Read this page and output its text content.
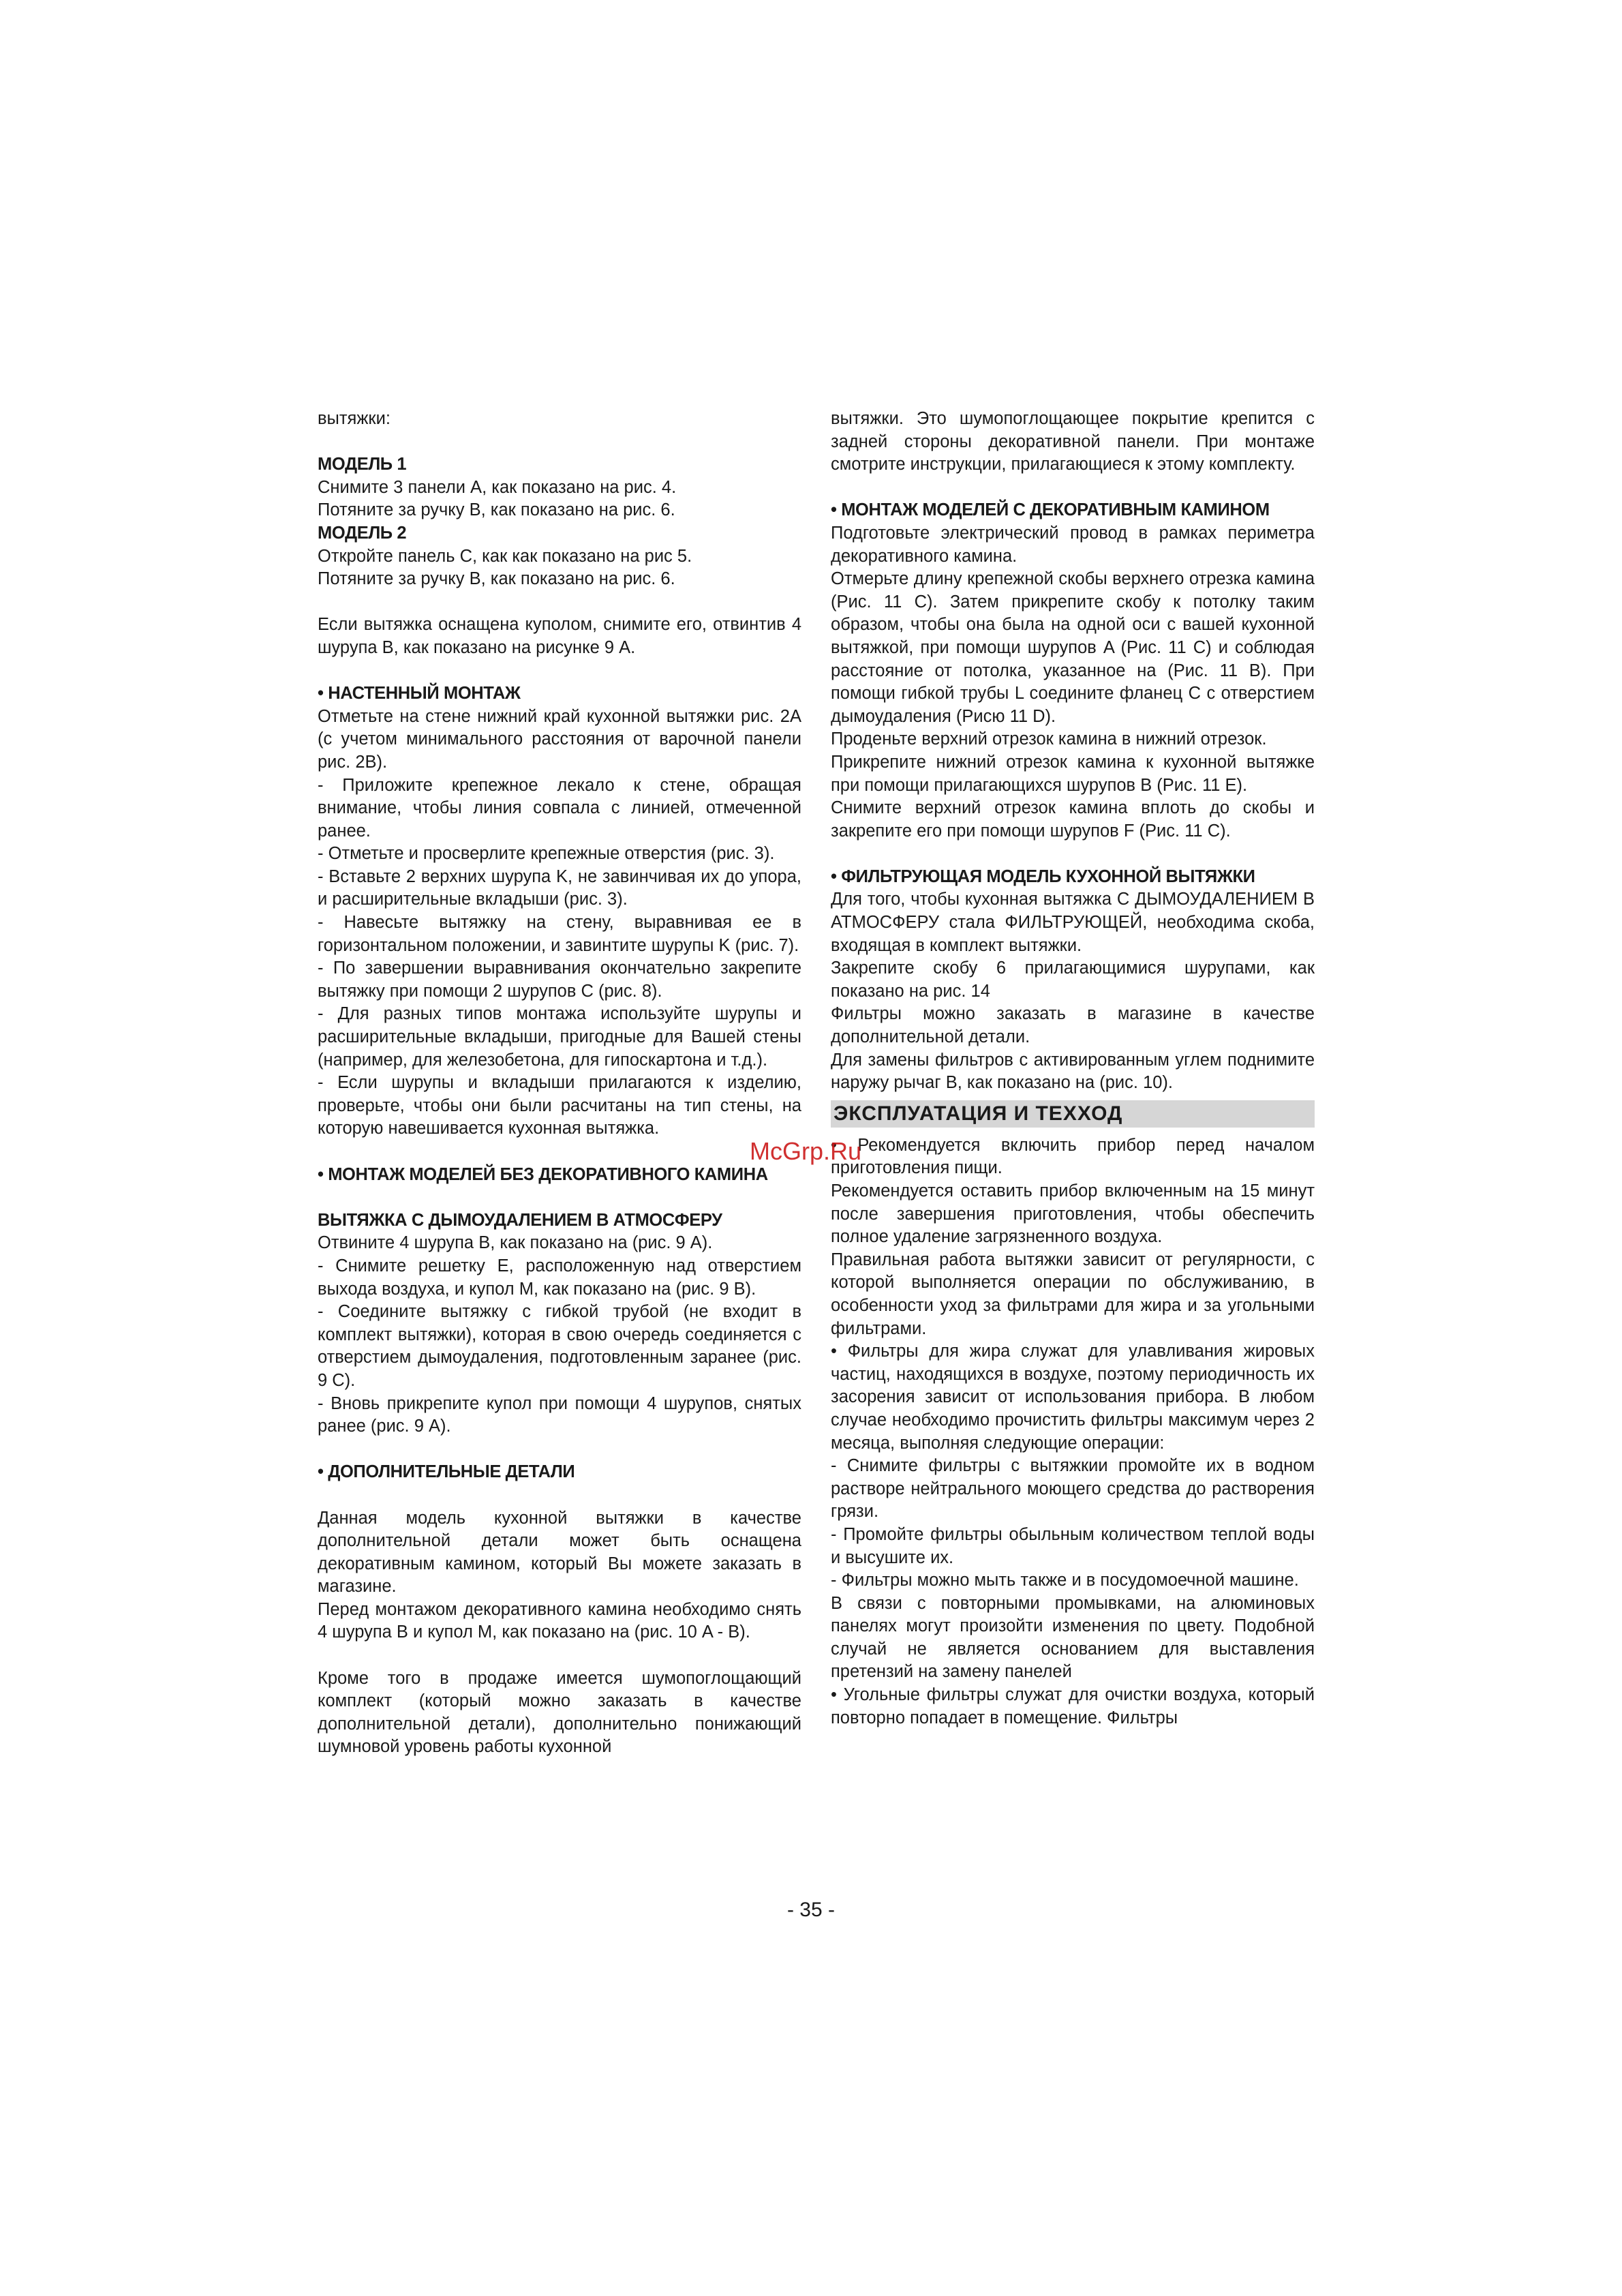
вытяжки:

МОДЕЛЬ 1

Снимите 3 панели A, как показано на рис. 4.

Потяните за ручку B, как показано на рис. 6.

МОДЕЛЬ 2

Откройте панель C, как как показано на рис 5.

Потяните за ручку B, как показано на рис. 6.

Если вытяжка оснащена куполом, снимите его, отвинтив 4 шурупа B, как показано на рисунке 9 A.

• НАСТЕННЫЙ МОНТАЖ

Отметьте на стене нижний край кухонной вытяжки рис. 2A (с учетом минимального расстояния от варочной панели рис. 2B).

- Приложите крепежное лекало к стене, обращая внимание, чтобы линия совпала с линией, отмеченной ранее.

- Отметьте и просверлите крепежные отверстия (рис. 3).

- Вставьте 2 верхних шурупа K, не завинчивая их до упора, и расширительные вкладыши (рис. 3).

- Навесьте вытяжку на стену, выравнивая ее в горизонтальном положении, и завинтите шурупы K (рис. 7).

- По завершении выравнивания окончательно закрепите вытяжку при помощи 2 шурупов C (рис. 8).

- Для разных типов монтажа используйте шурупы и расширительные вкладыши, пригодные для Вашей стены (например, для железобетона, для гипоскартона и т.д.).

- Если шурупы и вкладыши прилагаются к изделию, проверьте, чтобы они были расчитаны на тип стены, на которую навешивается кухонная вытяжка.

• МОНТАЖ МОДЕЛЕЙ БЕЗ ДЕКОРАТИВНОГО КАМИНА

ВЫТЯЖКА С ДЫМОУДАЛЕНИЕМ В АТМОСФЕРУ

Отвините 4 шурупа B, как показано на (рис. 9 A).

- Снимите решетку E, расположенную над отверстием выхода воздуха, и купол M, как показано на (рис. 9 B).

- Соедините вытяжку с гибкой трубой (не входит в комплект вытяжки), которая в свою очередь соединяется с отверстием дымоудаления, подготовленным заранее (рис. 9 C).

- Вновь прикрепите купол при помощи 4 шурупов, снятых ранее (рис. 9 A).

• ДОПОЛНИТЕЛЬНЫЕ ДЕТАЛИ

Данная модель кухонной вытяжки в качестве дополнительной детали может быть оснащена декоративным камином, который Вы можете заказать в магазине.

Перед монтажом декоративного камина необходимо снять 4 шурупа B и купол M, как показано на (рис. 10 A - B).

Кроме того в продаже имеется шумопоглощающий комплект (который можно заказать в качестве дополнительной детали), дополнительно понижающий шумновой уровень работы кухонной

вытяжки. Это шумопоглощающее покрытие крепится с задней стороны декоративной панели. При монтаже смотрите инструкции, прилагающиеся к этому комплекту.

• МОНТАЖ МОДЕЛЕЙ С ДЕКОРАТИВНЫМ КАМИНОМ

Подготовьте электрический провод в рамках периметра декоративного камина.

Отмерьте длину крепежной скобы верхнего отрезка камина (Рис. 11 C). Затем прикрепите скобу к потолку таким образом, чтобы она была на одной оси с вашей кухонной вытяжкой, при помощи шурупов A (Рис. 11 C) и соблюдая расстояние от потолка, указанное на (Рис. 11 B). При помощи гибкой трубы L соедините фланец C с отверстием дымоудаления (Рисю 11 D).

Проденьте верхний отрезок камина в нижний отрезок.

Прикрепите нижний отрезок камина к кухонной вытяжке при помощи прилагающихся шурупов B (Рис. 11 E).

Снимите верхний отрезок камина вплоть до скобы и закрепите его при помощи шурупов F (Рис. 11 C).

• ФИЛЬТРУЮЩАЯ МОДЕЛЬ КУХОННОЙ ВЫТЯЖКИ

Для того, чтобы кухонная вытяжка С ДЫМОУДАЛЕНИЕМ В АТМОСФЕРУ стала ФИЛЬТРУЮЩЕЙ, необходима скоба, входящая в комплект вытяжки.

Закрепите скобу 6 прилагающимися шурупами, как показано на рис. 14

Фильтры можно заказать в магазине в качестве дополнительной детали.

Для замены фильтров с активированным углем поднимите наружу рычаг B, как показано на (рис. 10).

ЭКСПЛУАТАЦИЯ И ТЕХХОД

• Рекомендуется включить прибор перед началом приготовления пищи.

Рекомендуется оставить прибор включенным на 15 минут после завершения приготовления, чтобы обеспечить полное удаление загрязненного воздуха.

Правильная работа вытяжки зависит от регулярности, с которой выполняется операции по обслуживанию, в особенности уход за фильтрами для жира и за угольными фильтрами.

• Фильтры для жира служат для улавливания жировых частиц, находящихся в воздухе, поэтому периодичность их засорения зависит от использования прибора. В любом случае необходимо прочистить фильтры максимум через 2 месяца, выполняя следующие операции:

- Снимите фильтры с вытяжкии промойте их в водном растворе нейтрального моющего средства до растворения грязи.

- Промойте фильтры обыльным количеством теплой воды и высушите их.

- Фильтры можно мыть также и в посудомоечной машине.

В связи с повторными промывками, на алюминовых панелях могут произойти изменения по цвету. Подобной случай не является основанием для выставления претензий на замену панелей

• Угольные фильтры служат для очистки воздуха, который повторно попадает в помещение. Фильтры

McGrp.Ru
- 35 -
